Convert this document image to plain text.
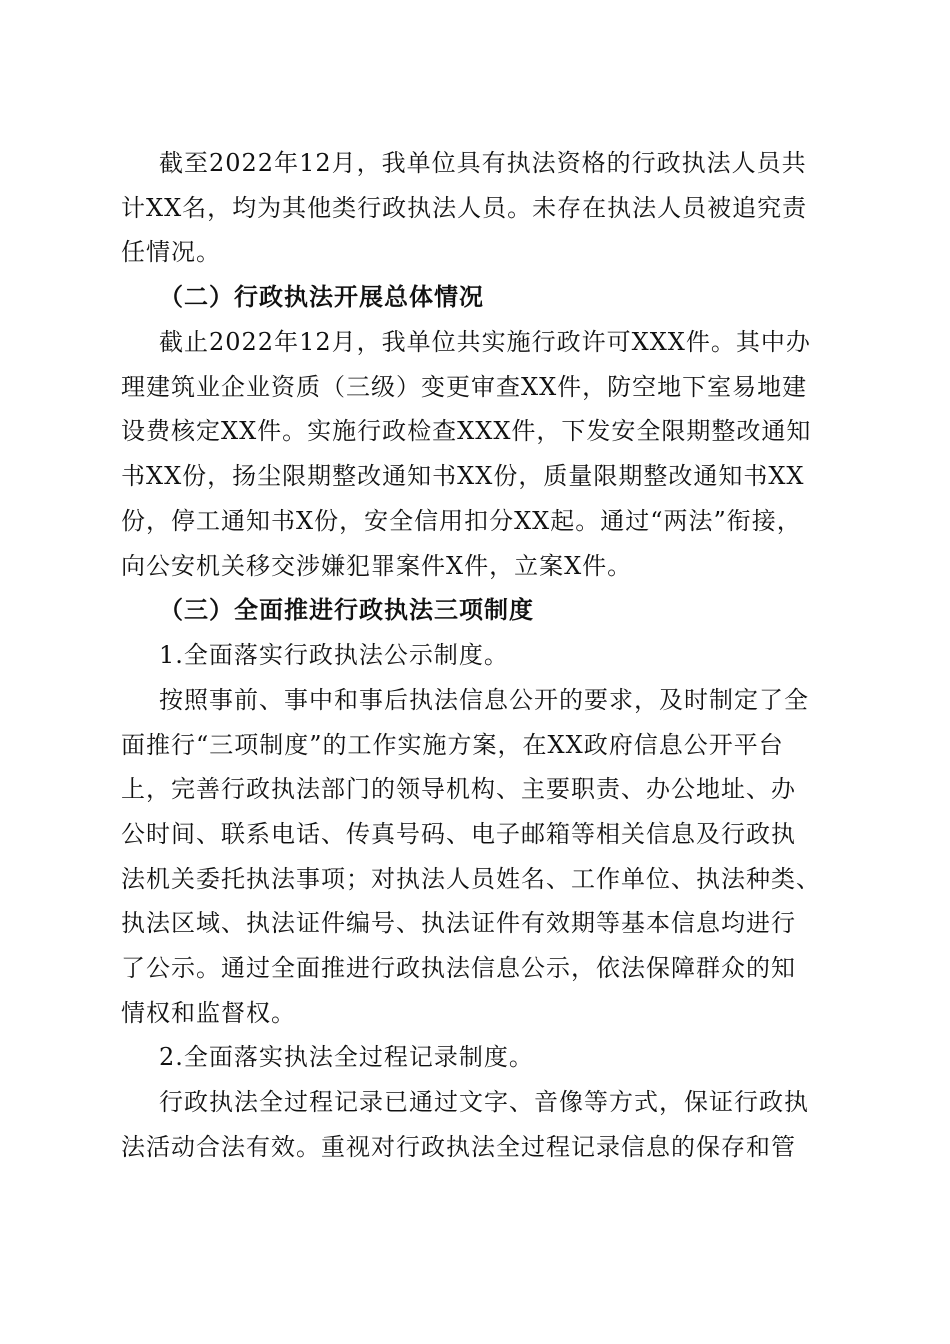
截至2022年12月，我单位具有执法资格的行政执法人员共
计XX名，均为其他类行政执法人员。未存在执法人员被追究责
任情况。
（二）行政执法开展总体情况
截止2022年12月，我单位共实施行政许可XXX件。其中办
理建筑业企业资质（三级）变更审查XX件，防空地下室易地建
设费核定XX件。实施行政检查XXX件，下发安全限期整改通知
书XX份，扬尘限期整改通知书XX份，质量限期整改通知书XX
份，停工通知书X份，安全信用扣分XX起。通过“两法”衔接，
向公安机关移交涉嫌犯罪案件X件，立案X件。
（三）全面推进行政执法三项制度
1.全面落实行政执法公示制度。
按照事前、事中和事后执法信息公开的要求，及时制定了全
面推行“三项制度”的工作实施方案，在XX政府信息公开平台
上，完善行政执法部门的领导机构、主要职责、办公地址、办
公时间、联系电话、传真号码、电子邮箱等相关信息及行政执
法机关委托执法事项；对执法人员姓名、工作单位、执法种类、
执法区域、执法证件编号、执法证件有效期等基本信息均进行
了公示。通过全面推进行政执法信息公示，依法保障群众的知
情权和监督权。
2.全面落实执法全过程记录制度。
行政执法全过程记录已通过文字、音像等方式，保证行政执
法活动合法有效。重视对行政执法全过程记录信息的保存和管
